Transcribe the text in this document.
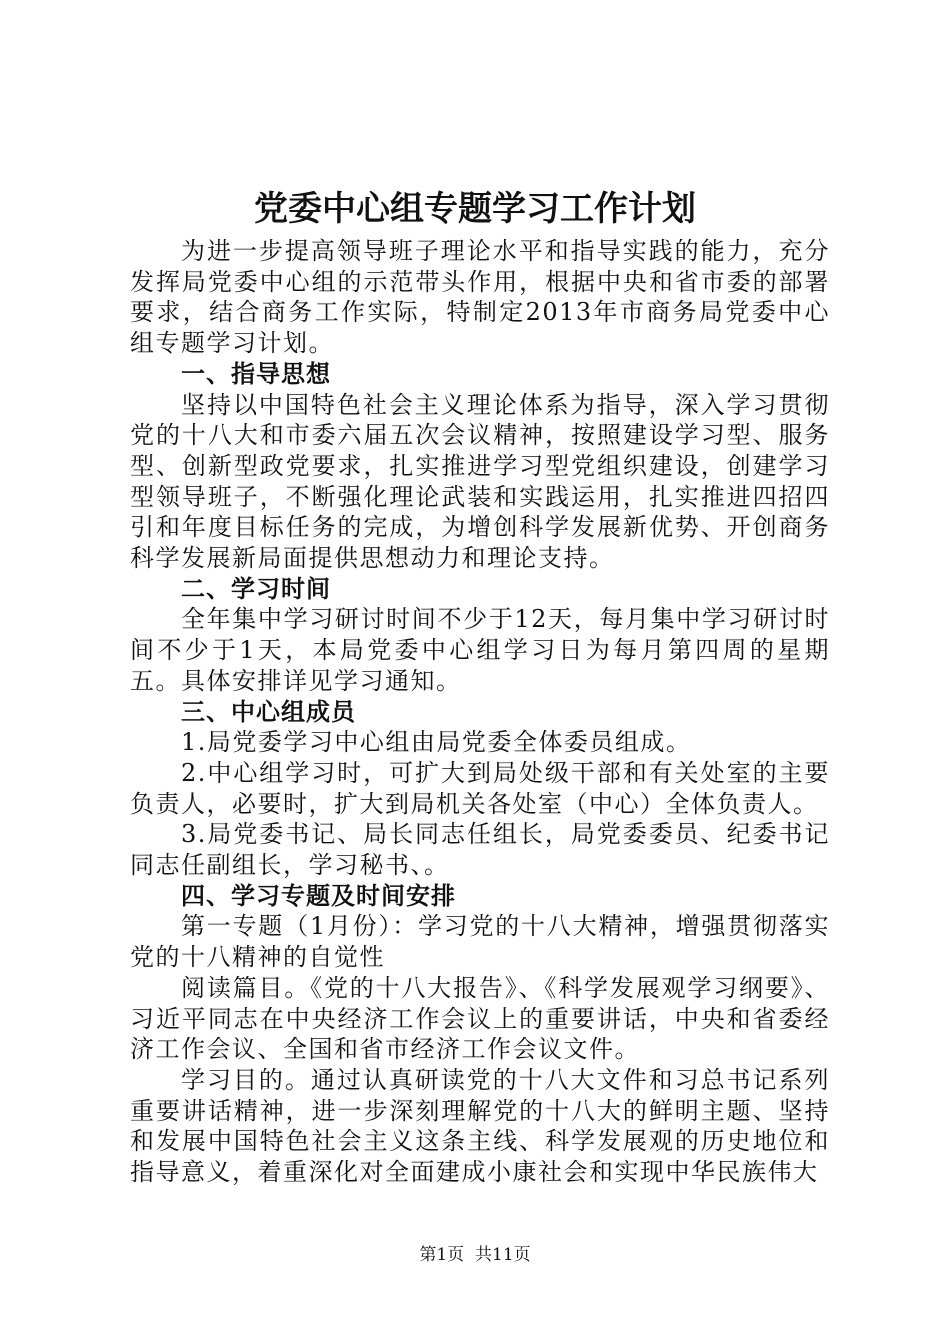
党委中心组专题学习工作计划

为进一步提高领导班子理论水平和指导实践的能力，充分发挥局党委中心组的示范带头作用，根据中央和省市委的部署要求，结合商务工作实际，特制定2013年市商务局党委中心组专题学习计划。

一、指导思想

坚持以中国特色社会主义理论体系为指导，深入学习贯彻党的十八大和市委六届五次会议精神，按照建设学习型、服务型、创新型政党要求，扎实推进学习型党组织建设，创建学习型领导班子，不断强化理论武装和实践运用，扎实推进四招四引和年度目标任务的完成，为增创科学发展新优势、开创商务科学发展新局面提供思想动力和理论支持。

二、学习时间

全年集中学习研讨时间不少于12天，每月集中学习研讨时间不少于1天，本局党委中心组学习日为每月第四周的星期五。具体安排详见学习通知。

三、中心组成员

1.局党委学习中心组由局党委全体委员组成。

2.中心组学习时，可扩大到局处级干部和有关处室的主要负责人，必要时，扩大到局机关各处室（中心）全体负责人。

3.局党委书记、局长同志任组长，局党委委员、纪委书记同志任副组长，学习秘书、。

四、学习专题及时间安排

第一专题（1月份）：学习党的十八大精神，增强贯彻落实党的十八精神的自觉性

阅读篇目。《党的十八大报告》、《科学发展观学习纲要》、习近平同志在中央经济工作会议上的重要讲话，中央和省委经济工作会议、全国和省市经济工作会议文件。

学习目的。通过认真研读党的十八大文件和习总书记系列重要讲话精神，进一步深刻理解党的十八大的鲜明主题、坚持和发展中国特色社会主义这条主线、科学发展观的历史地位和指导意义，着重深化对全面建成小康社会和实现中华民族伟大

第1页 共11页
